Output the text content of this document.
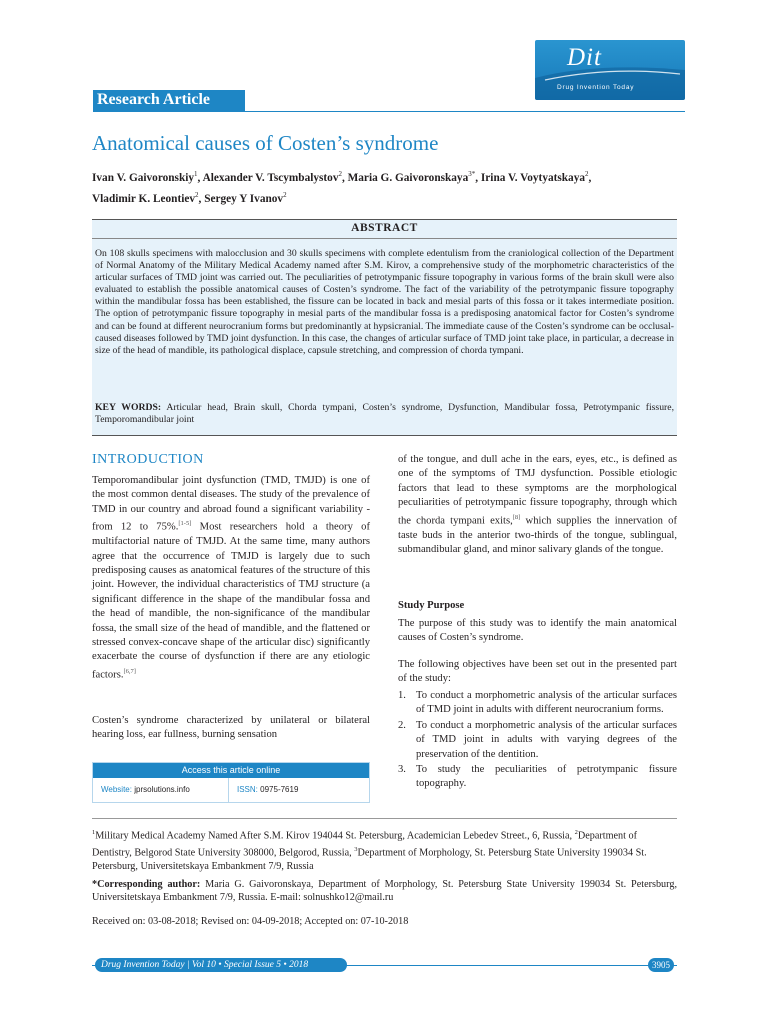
Dit
Drug Invention Today
Research Article
Anatomical causes of Costen’s syndrome
Ivan V. Gaivoronskiy$^1$, Alexander V. Tscymbalystov$^2$, Maria G. Gaivoronskaya$^{3*}$, Irina V. Voytyatskaya$^2$,
Vladimir K. Leontiev$^2$, Sergey Y Ivanov$^2$
ABSTRACT

On 108 skulls specimens with malocclusion and 30 skulls specimens with complete edentulism from the craniological collection of the Department of Normal Anatomy of the Military Medical Academy named after S.M. Kirov, a comprehensive study of the morphometric characteristics of the articular surfaces of TMD joint was carried out. The peculiarities of petrotympanic fissure topography in various forms of the brain skull were also evaluated to establish the possible anatomical causes of Costen’s syndrome. The fact of the variability of the petrotympanic fissure topography within the mandibular fossa has been established, the fissure can be located in back and mesial parts of this fossa or it takes intermediate position. The option of petrotympanic fissure topography in mesial parts of the mandibular fossa is a predisposing anatomical factor for Costen’s syndrome and can be found at different neurocranium forms but predominantly at hypsicranial. The immediate cause of the Costen’s syndrome can be occlusal-caused diseases followed by TMD joint dysfunction. In this case, the changes of articular surface of TMD joint take place, in particular, a decrease in size of the head of mandible, its pathological displace, capsule stretching, and compression of chorda tympani.

KEY WORDS: Articular head, Brain skull, Chorda tympani, Costen’s syndrome, Dysfunction, Mandibular fossa, Petrotympanic fissure, Temporomandibular joint

INTRODUCTION
Temporomandibular joint dysfunction (TMD, TMJD) is one of the most common dental diseases. The study of the prevalence of TMD in our country and abroad found a significant variability - from 12 to 75%.[1-5] Most researchers hold a theory of multifactorial nature of TMJD. At the same time, many authors agree that the occurrence of TMJD is largely due to such predisposing causes as anatomical features of the structure of this joint. However, the individual characteristics of TMJ structure (a significant difference in the shape of the mandibular fossa and the head of mandible, the non-significance of the mandibular fossa, the small size of the head of mandible, and the flattened or stressed convex-concave shape of the articular disc) significantly exacerbate the course of dysfunction if there are any etiologic factors.[6,7]
Costen’s syndrome characterized by unilateral or bilateral hearing loss, ear fullness, burning sensation
Access this article online
Website: jprsolutions.info	ISSN: 0975-7619
of the tongue, and dull ache in the ears, eyes, etc., is defined as one of the symptoms of TMJ dysfunction. Possible etiologic factors that lead to these symptoms are the morphological peculiarities of petrotympanic fissure topography, through which the chorda tympani exits,[8] which supplies the innervation of taste buds in the anterior two-thirds of the tongue, sublingual, submandibular gland, and minor salivary glands of the tongue.
Study Purpose
The purpose of this study was to identify the main anatomical causes of Costen’s syndrome.
The following objectives have been set out in the presented part of the study:
1. To conduct a morphometric analysis of the articular surfaces of TMD joint in adults with different neurocranium forms.
2. To conduct a morphometric analysis of the articular surfaces of TMD joint in adults with varying degrees of the preservation of the dentition.
3. To study the peculiarities of petrotympanic fissure topography.
$^1$Military Medical Academy Named After S.M. Kirov 194044 St. Petersburg, Academician Lebedev Street., 6, Russia, $^2$Department of Dentistry, Belgorod State University 308000, Belgorod, Russia, $^3$Department of Morphology, St. Petersburg State University 199034 St. Petersburg, Universitetskaya Embankment 7/9, Russia
*Corresponding author: Maria G. Gaivoronskaya, Department of Morphology, St. Petersburg State University 199034 St. Petersburg, Universitetskaya Embankment 7/9, Russia. E-mail: solnushko12@mail.ru
Received on: 03-08-2018; Revised on: 04-09-2018; Accepted on: 07-10-2018
Drug Invention Today | Vol 10 • Special Issue 5 • 2018	3905
